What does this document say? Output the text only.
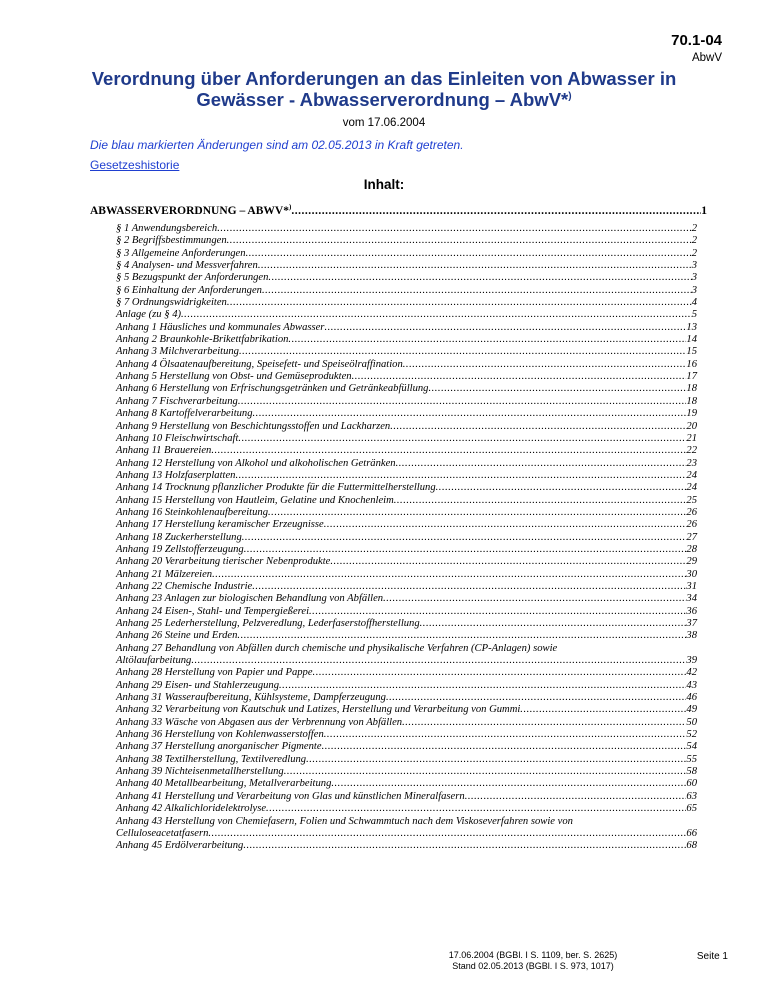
70.1-04
AbwV
Verordnung über Anforderungen an das Einleiten von Abwasser in
Gewässer - Abwasserverordnung – AbwV*)
vom 17.06.2004
Die blau markierten Änderungen sind am 02.05.2013 in Kraft getreten.
Gesetzeshistorie
Inhalt:
ABWASSERVERORDNUNG – ABWV*) .....	1
§ 1 Anwendungsbereich .....	2
§ 2 Begriffsbestimmungen .....	2
§ 3 Allgemeine Anforderungen .....	2
§ 4 Analysen- und Messverfahren .....	3
§ 5 Bezugspunkt der Anforderungen .....	3
§ 6 Einhaltung der Anforderungen .....	3
§ 7 Ordnungswidrigkeiten .....	4
Anlage (zu § 4) .....	5
Anhang 1 Häusliches und kommunales Abwasser .....	13
Anhang 2 Braunkohle-Brikettfabrikation .....	14
Anhang 3 Milchverarbeitung .....	15
Anhang 4 Ölsaatenaufbereitung, Speisefett- und Speiseölraffination .....	16
Anhang 5 Herstellung von Obst- und Gemüseprodukten .....	17
Anhang 6 Herstellung von Erfrischungsgetränken und Getränkeabfüllung .....	18
Anhang 7 Fischverarbeitung .....	18
Anhang 8 Kartoffelverarbeitung .....	19
Anhang 9 Herstellung von Beschichtungsstoffen und Lackharzen .....	20
Anhang 10 Fleischwirtschaft .....	21
Anhang 11 Brauereien .....	22
Anhang 12 Herstellung von Alkohol und alkoholischen Getränken .....	23
Anhang 13 Holzfaserplatten .....	24
Anhang 14 Trocknung pflanzlicher Produkte für die Futtermittelherstellung .....	24
Anhang 15 Herstellung von Hautleim, Gelatine und Knochenleim .....	25
Anhang 16 Steinkohlenaufbereitung .....	26
Anhang 17 Herstellung keramischer Erzeugnisse .....	26
Anhang 18 Zuckerherstellung .....	27
Anhang 19 Zellstofferzeugung .....	28
Anhang 20 Verarbeitung tierischer Nebenprodukte .....	29
Anhang 21 Mälzereien .....	30
Anhang 22 Chemische Industrie .....	31
Anhang 23 Anlagen zur biologischen Behandlung von Abfällen .....	34
Anhang 24 Eisen-, Stahl- und Tempergießerei .....	36
Anhang 25 Lederherstellung, Pelzveredlung, Lederfaserstoffherstellung .....	37
Anhang 26 Steine und Erden .....	38
Anhang 27 Behandlung von Abfällen durch chemische und physikalische Verfahren (CP-Anlagen) sowie
Altölaufarbeitung .....	39
Anhang 28 Herstellung von Papier und Pappe .....	42
Anhang 29 Eisen- und Stahlerzeugung .....	43
Anhang 31 Wasseraufbereitung, Kühlsysteme, Dampferzeugung .....	46
Anhang 32 Verarbeitung von Kautschuk und Latizes, Herstellung und Verarbeitung von Gummi .....	49
Anhang 33 Wäsche von Abgasen aus der Verbrennung von Abfällen .....	50
Anhang 36 Herstellung von Kohlenwasserstoffen .....	52
Anhang 37 Herstellung anorganischer Pigmente .....	54
Anhang 38 Textilherstellung, Textilveredlung .....	55
Anhang 39 Nichteisenmetallherstellung .....	58
Anhang 40 Metallbearbeitung, Metallverarbeitung .....	60
Anhang 41 Herstellung und Verarbeitung von Glas und künstlichen Mineralfasern .....	63
Anhang 42 Alkalichloridelektrolyse .....	65
Anhang 43 Herstellung von Chemiefasern, Folien und Schwammtuch nach dem Viskoseverfahren sowie von
Celluloseacetatfasern .....	66
Anhang 45 Erdölverarbeitung .....	68
17.06.2004 (BGBl. I S. 1109, ber. S. 2625)
Stand 02.05.2013 (BGBl. I S. 973, 1017)
Seite 1
